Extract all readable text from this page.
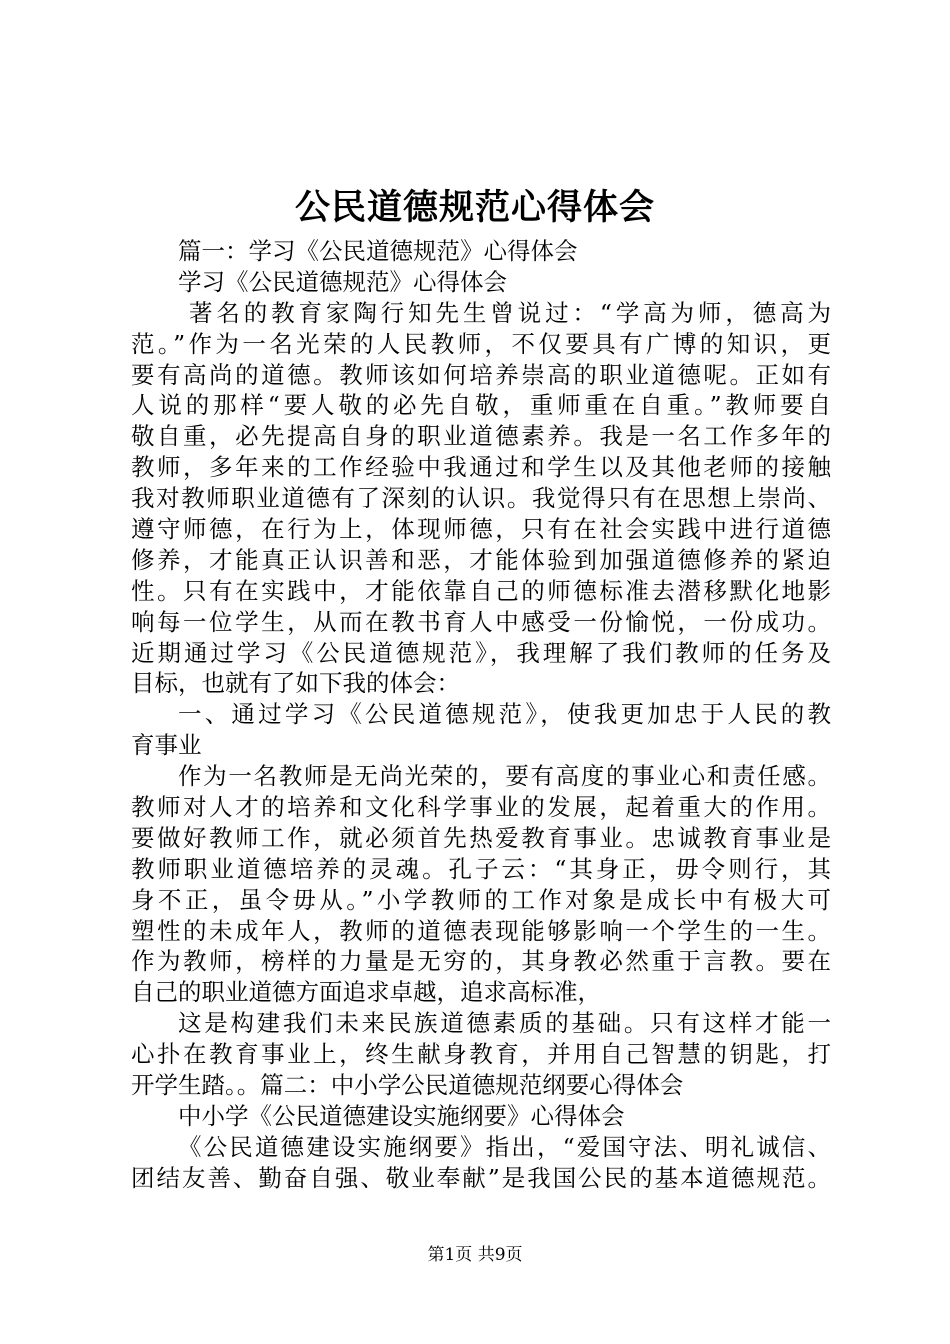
公民道德规范心得体会
篇一：学习《公民道德规范》心得体会
学习《公民道德规范》心得体会
著名的教育家陶行知先生曾说过：“学高为师，德高为
范。”作为一名光荣的人民教师，不仅要具有广博的知识，更
要有高尚的道德。教师该如何培养崇高的职业道德呢。正如有
人说的那样“要人敬的必先自敬，重师重在自重。”教师要自
敬自重，必先提高自身的职业道德素养。我是一名工作多年的
教师，多年来的工作经验中我通过和学生以及其他老师的接触
我对教师职业道德有了深刻的认识。我觉得只有在思想上崇尚、
遵守师德，在行为上，体现师德，只有在社会实践中进行道德
修养，才能真正认识善和恶，才能体验到加强道德修养的紧迫
性。只有在实践中，才能依靠自己的师德标准去潜移默化地影
响每一位学生，从而在教书育人中感受一份愉悦，一份成功。
近期通过学习《公民道德规范》，我理解了我们教师的任务及
目标，也就有了如下我的体会：
一、通过学习《公民道德规范》，使我更加忠于人民的教
育事业
作为一名教师是无尚光荣的，要有高度的事业心和责任感。
教师对人才的培养和文化科学事业的发展，起着重大的作用。
要做好教师工作，就必须首先热爱教育事业。忠诚教育事业是
教师职业道德培养的灵魂。孔子云：“其身正，毋令则行，其
身不正，虽令毋从。”小学教师的工作对象是成长中有极大可
塑性的未成年人，教师的道德表现能够影响一个学生的一生。
作为教师，榜样的力量是无穷的，其身教必然重于言教。要在
自己的职业道德方面追求卓越，追求高标准，
这是构建我们未来民族道德素质的基础。只有这样才能一
心扑在教育事业上，终生献身教育，并用自己智慧的钥匙，打
开学生踏。。篇二：中小学公民道德规范纲要心得体会
中小学《公民道德建设实施纲要》心得体会
《公民道德建设实施纲要》指出，“爱国守法、明礼诚信、
团结友善、勤奋自强、敬业奉献”是我国公民的基本道德规范。
第1页 共9页
